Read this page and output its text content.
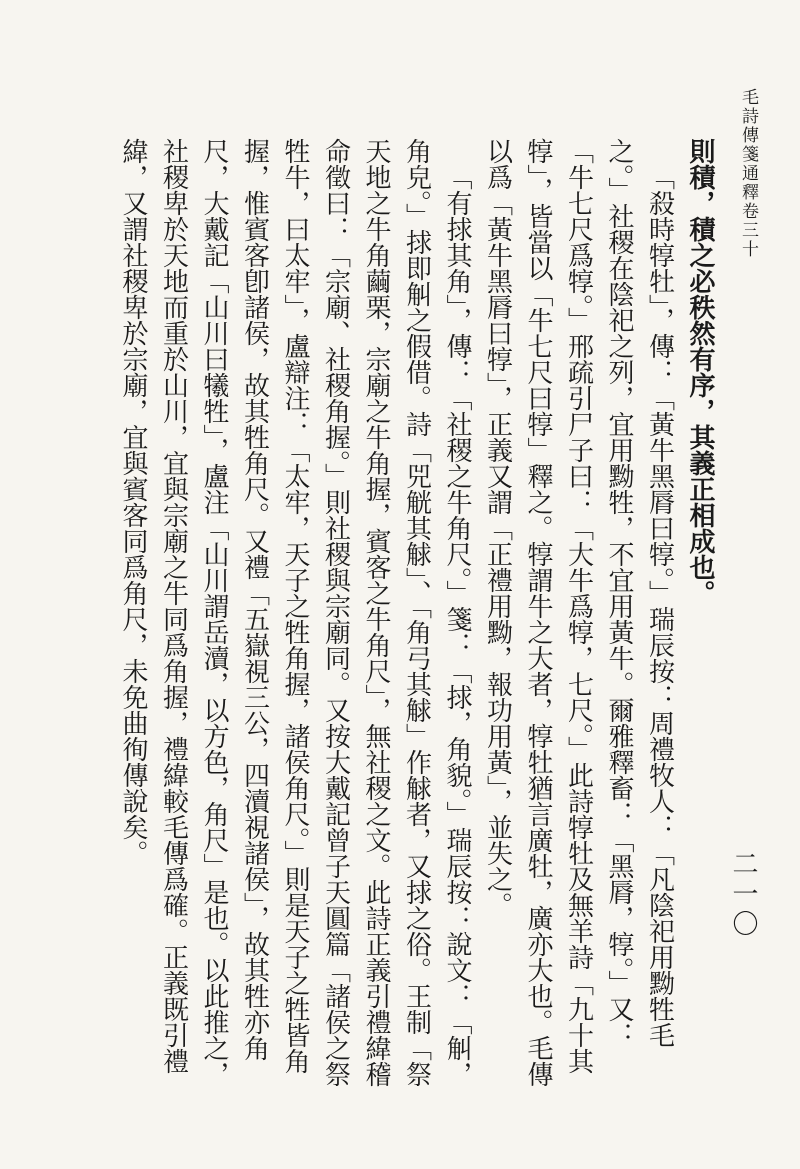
毛詩傳箋通釋卷三十
二一〇

則積，積之必秩然有序，其義正相成也。

「殺時犉牡」，傳：「黃牛黑脣曰犉。」瑞辰按：周禮牧人：「凡陰祀用黝牲毛之。」社稷在陰祀之列，宜用黝牲，不宜用黃牛。爾雅釋畜：「黑脣，犉。」又：「牛七尺爲犉。」邢疏引尸子曰：「大牛爲犉，七尺。」此詩犉牡及無羊詩「九十其犉」，皆當以「牛七尺曰犉」釋之。犉謂牛之大者，犉牡猶言廣牡，廣亦大也。毛傳以爲「黃牛黑脣曰犉」，正義又謂「正禮用黝，報功用黃」，並失之。

「有捄其角」，傳：「社稷之牛角尺。」箋：「捄，角貌。」瑞辰按：說文：「觓，角皃。」捄即觓之假借。詩「兕觥其觩」、「角弓其觩」作觩者，又捄之俗。王制「祭天地之牛角繭栗，宗廟之牛角握，賓客之牛角尺」，無社稷之文。此詩正義引禮緯稽命徵曰：「宗廟、社稷角握。」則社稷與宗廟同。又按大戴記曾子天圓篇「諸侯之祭牲牛，曰太牢」，盧辯注：「太牢，天子之牲角握，諸侯角尺。」則是天子之牲皆角握，惟賓客卽諸侯，故其牲角尺。又禮「五嶽視三公，四瀆視諸侯」，故其牲亦角尺，大戴記「山川曰犧牲」，盧注「山川謂岳瀆，以方色，角尺」是也。以此推之，社稷卑於天地而重於山川，宜與宗廟之牛同爲角握，禮緯較毛傳爲確。正義既引禮緯，又謂社稷卑於宗廟，宜與賓客同爲角尺，未免曲徇傳說矣。
